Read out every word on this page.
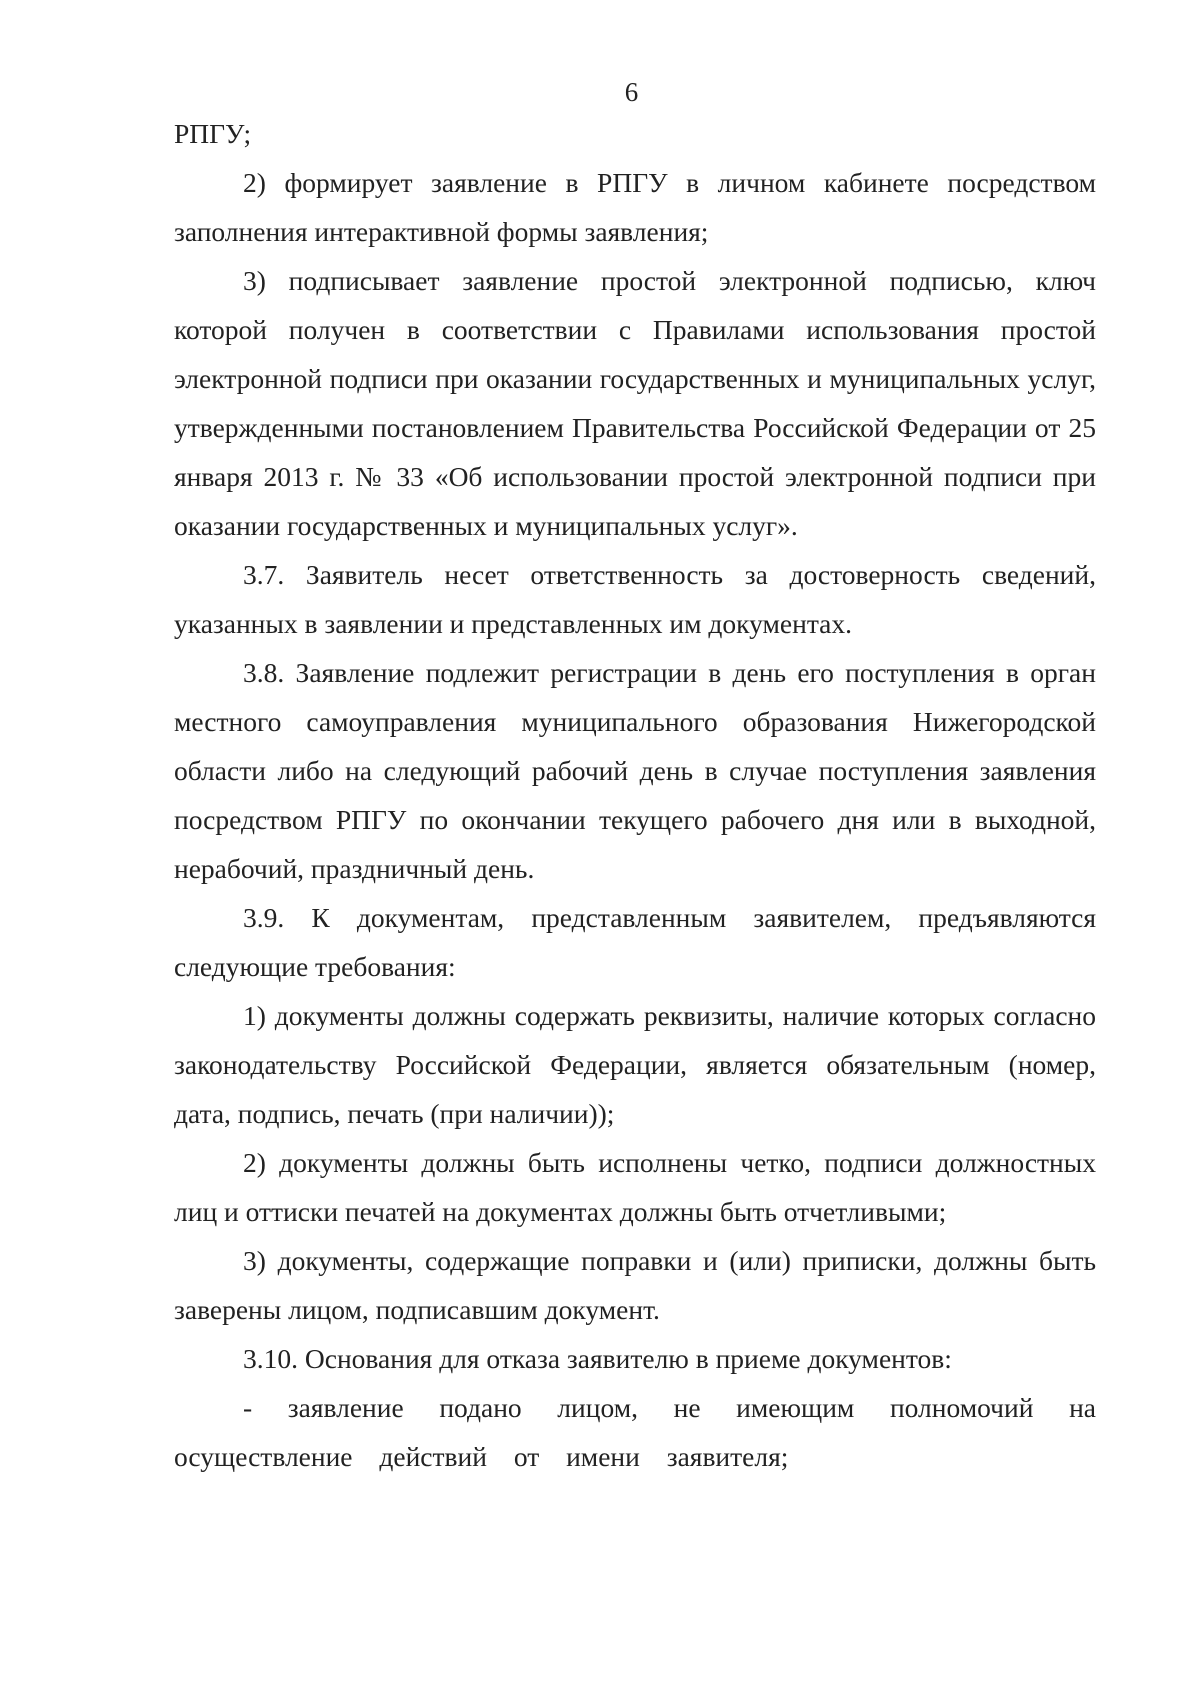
6

РПГУ;

2) формирует заявление в РПГУ в личном кабинете посредством заполнения интерактивной формы заявления;

3) подписывает заявление простой электронной подписью, ключ которой получен в соответствии с Правилами использования простой электронной подписи при оказании государственных и муниципальных услуг, утвержденными постановлением Правительства Российской Федерации от 25 января 2013 г. № 33 «Об использовании простой электронной подписи при оказании государственных и муниципальных услуг».

3.7. Заявитель несет ответственность за достоверность сведений, указанных в заявлении и представленных им документах.

3.8. Заявление подлежит регистрации в день его поступления в орган местного самоуправления муниципального образования Нижегородской области либо на следующий рабочий день в случае поступления заявления посредством РПГУ по окончании текущего рабочего дня или в выходной, нерабочий, праздничный день.

3.9. К документам, представленным заявителем, предъявляются следующие требования:

1) документы должны содержать реквизиты, наличие которых согласно законодательству Российской Федерации, является обязательным (номер, дата, подпись, печать (при наличии));

2) документы должны быть исполнены четко, подписи должностных лиц и оттиски печатей на документах должны быть отчетливыми;

3) документы, содержащие поправки и (или) приписки, должны быть заверены лицом, подписавшим документ.

3.10. Основания для отказа заявителю в приеме документов:

- заявление подано лицом, не имеющим полномочий на осуществление действий от имени заявителя;
